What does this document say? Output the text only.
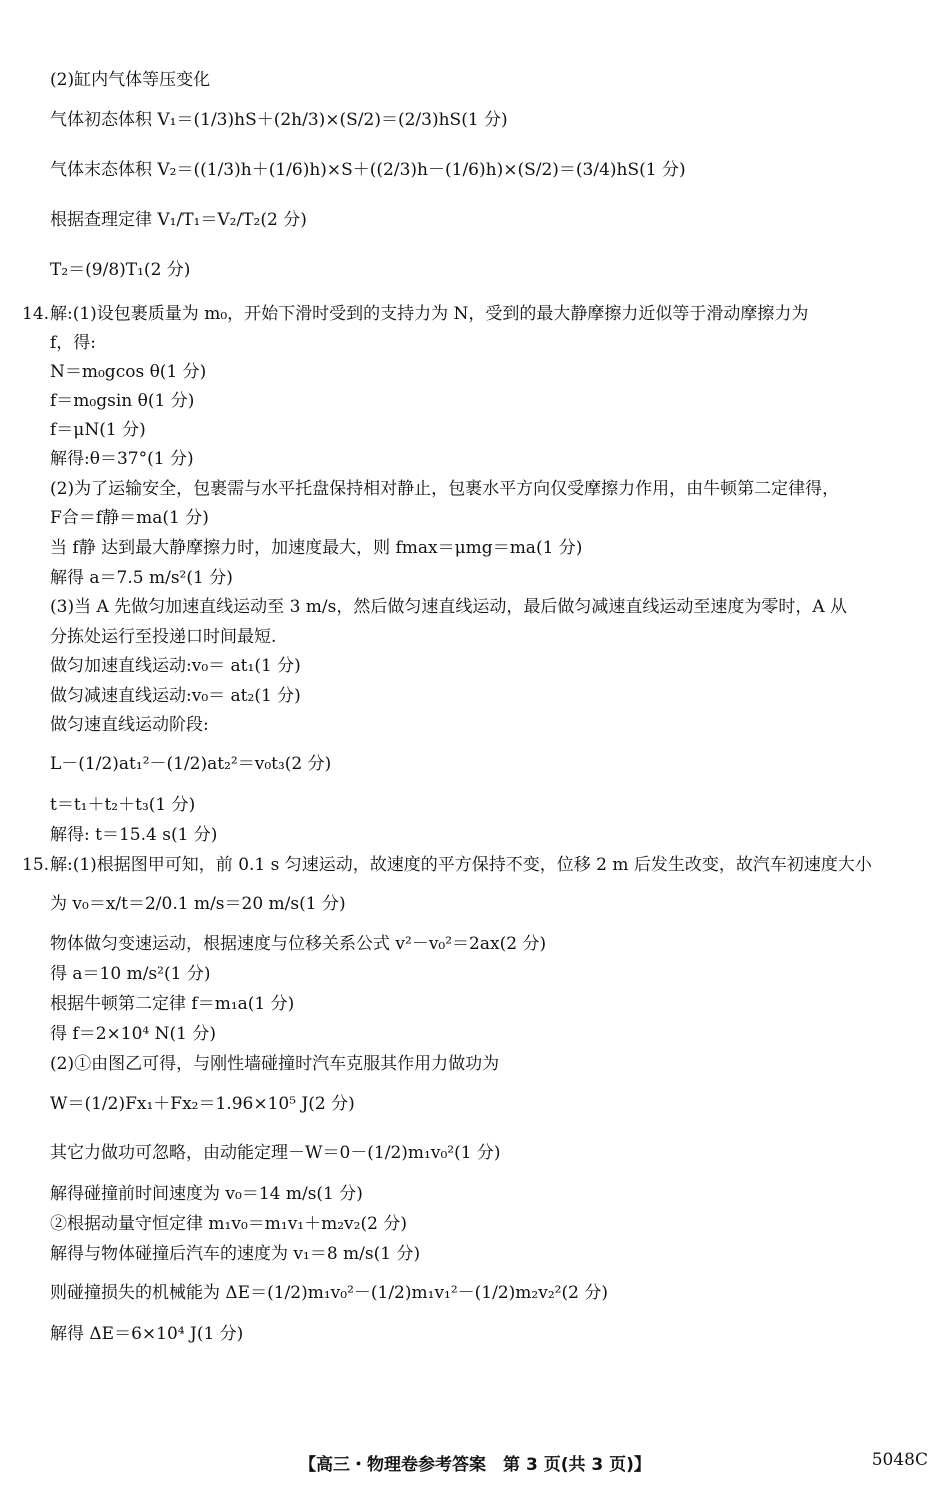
(2)缸内气体等压变化
气体初态体积 V₁＝(1/3)hS＋(2h/3)×(S/2)＝(2/3)hS(1 分)
气体末态体积 V₂＝((1/3)h＋(1/6)h)×S＋((2/3)h－(1/6)h)×(S/2)＝(3/4)hS(1 分)
根据查理定律 V₁/T₁＝V₂/T₂(2 分)
T₂＝(9/8)T₁(2 分)
14.解:(1)设包裹质量为 m₀，开始下滑时受到的支持力为 N，受到的最大静摩擦力近似等于滑动摩擦力为
f，得:
N＝m₀gcos θ(1 分)
f＝m₀gsin θ(1 分)
f＝μN(1 分)
解得:θ＝37°(1 分)
(2)为了运输安全，包裹需与水平托盘保持相对静止，包裹水平方向仅受摩擦力作用，由牛顿第二定律得，
F合＝f静＝ma(1 分)
当 f静 达到最大静摩擦力时，加速度最大，则 fmax＝μmg＝ma(1 分)
解得 a＝7.5 m/s²(1 分)
(3)当 A 先做匀加速直线运动至 3 m/s，然后做匀速直线运动，最后做匀减速直线运动至速度为零时，A 从
分拣处运行至投递口时间最短.
做匀加速直线运动:v₀＝ at₁(1 分)
做匀减速直线运动:v₀＝ at₂(1 分)
做匀速直线运动阶段:
L－(1/2)at₁²－(1/2)at₂²＝v₀t₃(2 分)
t＝t₁＋t₂＋t₃(1 分)
解得: t＝15.4 s(1 分)
15.解:(1)根据图甲可知，前 0.1 s 匀速运动，故速度的平方保持不变，位移 2 m 后发生改变，故汽车初速度大小
为 v₀＝x/t＝2/0.1 m/s＝20 m/s(1 分)
物体做匀变速运动，根据速度与位移关系公式 v²－v₀²＝2ax(2 分)
得 a＝10 m/s²(1 分)
根据牛顿第二定律 f＝m₁a(1 分)
得 f＝2×10⁴ N(1 分)
(2)①由图乙可得，与刚性墙碰撞时汽车克服其作用力做功为
W＝(1/2)Fx₁＋Fx₂＝1.96×10⁵ J(2 分)
其它力做功可忽略，由动能定理－W＝0－(1/2)m₁v₀²(1 分)
解得碰撞前时间速度为 v₀＝14 m/s(1 分)
②根据动量守恒定律 m₁v₀＝m₁v₁＋m₂v₂(2 分)
解得与物体碰撞后汽车的速度为 v₁＝8 m/s(1 分)
则碰撞损失的机械能为 ΔE＝(1/2)m₁v₀²－(1/2)m₁v₁²－(1/2)m₂v₂²(2 分)
解得 ΔE＝6×10⁴ J(1 分)
【高三・物理卷参考答案　第 3 页(共 3 页)】	5048C
